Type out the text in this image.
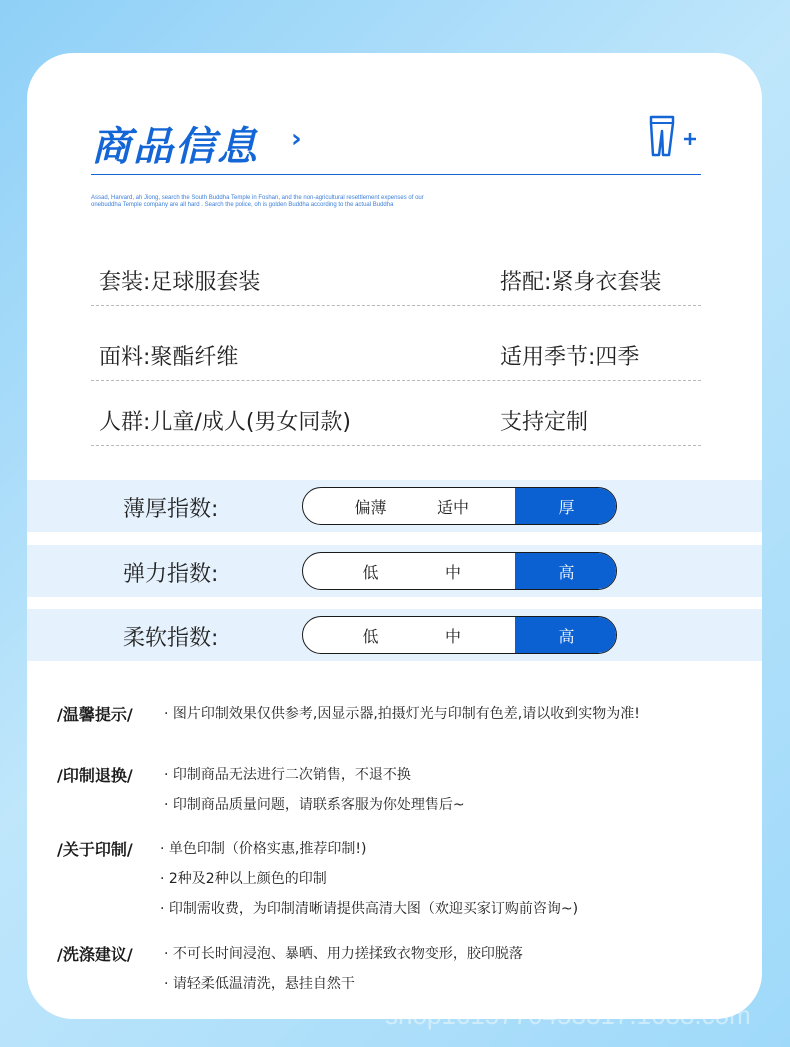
商品信息 ›
Assad, Harvard, ah Jiong, search the South Buddha Temple in Foshan, and the non-agricultural resettlement expenses of our onebuddha Temple company are all hard . Search the police, oh is golden Buddha according to the actual Buddha
套装:足球服套装	搭配:紧身衣套装
面料:聚酯纤维	适用季节:四季
人群:儿童/成人(男女同款)	支持定制
薄厚指数:	偏薄	适中	厚
弹力指数:	低	中	高
柔软指数:	低	中	高
/温馨提示/ · 图片印制效果仅供参考,因显示器,拍摄灯光与印制有色差,请以收到实物为准!
/印制退换/ · 印制商品无法进行二次销售，不退不换
· 印制商品质量问题，请联系客服为你处理售后~
/关于印制/ · 单色印制（价格实惠,推荐印制!)
· 2种及2种以上颜色的印制
· 印制需收费，为印制清晰请提供高清大图（欢迎买家订购前咨询~)
/洗涤建议/ · 不可长时间浸泡、暴晒、用力搓揉致衣物变形，胶印脱落
· 请轻柔低温清洗，悬挂自然干
shop1615770453317.1688.com
